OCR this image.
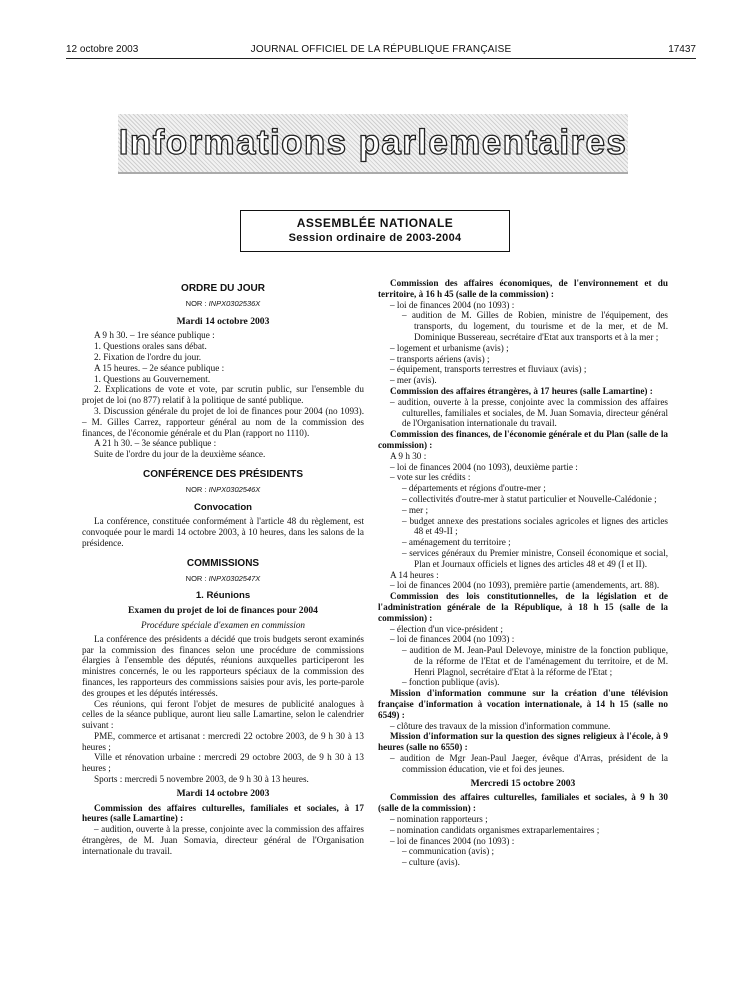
12 octobre 2003	JOURNAL OFFICIEL DE LA RÉPUBLIQUE FRANÇAISE	17437
Informations parlementaires
ASSEMBLÉE NATIONALE
Session ordinaire de 2003-2004
ORDRE DU JOUR
NOR : INPX0302536X
Mardi 14 octobre 2003

A 9 h 30. – 1re séance publique :

1. Questions orales sans débat.

2. Fixation de l'ordre du jour.

A 15 heures. – 2e séance publique :

1. Questions au Gouvernement.

2. Explications de vote et vote, par scrutin public, sur l'ensemble du projet de loi (no 877) relatif à la politique de santé publique.

3. Discussion générale du projet de loi de finances pour 2004 (no 1093). – M. Gilles Carrez, rapporteur général au nom de la commission des finances, de l'économie générale et du Plan (rapport no 1110).

A 21 h 30. – 3e séance publique :

Suite de l'ordre du jour de la deuxième séance.

CONFÉRENCE DES PRÉSIDENTS
NOR : INPX0302546X
Convocation

La conférence, constituée conformément à l'article 48 du règlement, est convoquée pour le mardi 14 octobre 2003, à 10 heures, dans les salons de la présidence.

COMMISSIONS
NOR : INPX0302547X
1. Réunions
Examen du projet de loi de finances pour 2004
Procédure spéciale d'examen en commission

La conférence des présidents a décidé que trois budgets seront examinés par la commission des finances selon une procédure de commissions élargies à l'ensemble des députés, réunions auxquelles participeront les ministres concernés, le ou les rapporteurs spéciaux de la commission des finances, les rapporteurs des commissions saisies pour avis, les porte-parole des groupes et les députés intéressés.

Ces réunions, qui feront l'objet de mesures de publicité analogues à celles de la séance publique, auront lieu salle Lamartine, selon le calendrier suivant :

PME, commerce et artisanat : mercredi 22 octobre 2003, de 9 h 30 à 13 heures ;

Ville et rénovation urbaine : mercredi 29 octobre 2003, de 9 h 30 à 13 heures ;

Sports : mercredi 5 novembre 2003, de 9 h 30 à 13 heures.

Mardi 14 octobre 2003

Commission des affaires culturelles, familiales et sociales, à 17 heures (salle Lamartine) :

– audition, ouverte à la presse, conjointe avec la commission des affaires étrangères, de M. Juan Somavia, directeur général de l'Organisation internationale du travail.

Commission des affaires économiques, de l'environnement et du territoire, à 16 h 45 (salle de la commission) :

– loi de finances 2004 (no 1093) :

– audition de M. Gilles de Robien, ministre de l'équipement, des transports, du logement, du tourisme et de la mer, et de M. Dominique Bussereau, secrétaire d'Etat aux transports et à la mer ;

– logement et urbanisme (avis) ;

– transports aériens (avis) ;

– équipement, transports terrestres et fluviaux (avis) ;

– mer (avis).

Commission des affaires étrangères, à 17 heures (salle Lamartine) :

– audition, ouverte à la presse, conjointe avec la commission des affaires culturelles, familiales et sociales, de M. Juan Somavia, directeur général de l'Organisation internationale du travail.

Commission des finances, de l'économie générale et du Plan (salle de la commission) :

A 9 h 30 :

– loi de finances 2004 (no 1093), deuxième partie :

– vote sur les crédits :

– départements et régions d'outre-mer ;

– collectivités d'outre-mer à statut particulier et Nouvelle-Calédonie ;

– mer ;

– budget annexe des prestations sociales agricoles et lignes des articles 48 et 49-II ;

– aménagement du territoire ;

– services généraux du Premier ministre, Conseil économique et social, Plan et Journaux officiels et lignes des articles 48 et 49 (I et II).

A 14 heures :

– loi de finances 2004 (no 1093), première partie (amendements, art. 88).

Commission des lois constitutionnelles, de la législation et de l'administration générale de la République, à 18 h 15 (salle de la commission) :

– élection d'un vice-président ;

– loi de finances 2004 (no 1093) :

– audition de M. Jean-Paul Delevoye, ministre de la fonction publique, de la réforme de l'Etat et de l'aménagement du territoire, et de M. Henri Plagnol, secrétaire d'Etat à la réforme de l'Etat ;

– fonction publique (avis).

Mission d'information commune sur la création d'une télévision française d'information à vocation internationale, à 14 h 15 (salle no 6549) :

– clôture des travaux de la mission d'information commune.

Mission d'information sur la question des signes religieux à l'école, à 9 heures (salle no 6550) :

– audition de Mgr Jean-Paul Jaeger, évêque d'Arras, président de la commission éducation, vie et foi des jeunes.

Mercredi 15 octobre 2003

Commission des affaires culturelles, familiales et sociales, à 9 h 30 (salle de la commission) :

– nomination rapporteurs ;

– nomination candidats organismes extraparlementaires ;

– loi de finances 2004 (no 1093) :

– communication (avis) ;

– culture (avis).
